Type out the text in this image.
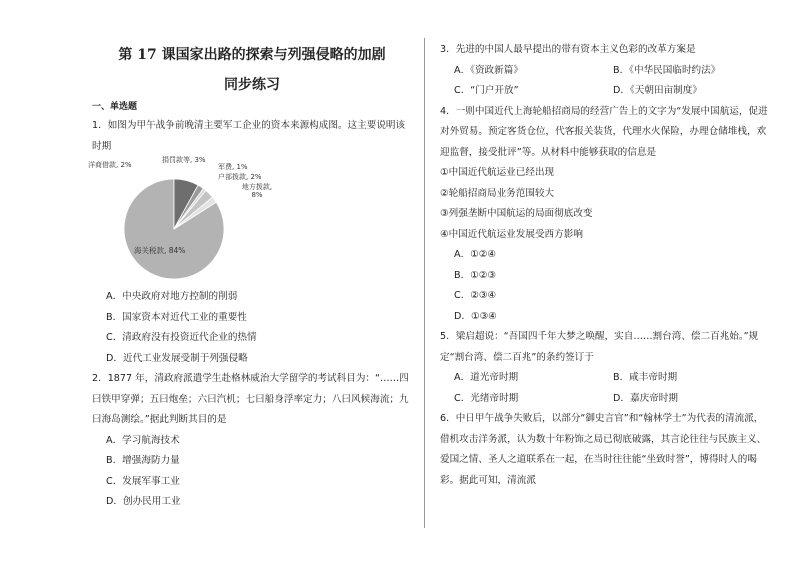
第 17 课国家出路的探索与列强侵略的加剧
同步练习
一、单选题
1．如图为甲午战争前晚清主要军工企业的资本来源构成图。这主要说明该时期
洋商借款, 2%
捐罚款等, 3%
军费, 1%
户部拨款, 2%
地方拨款, 8%
海关税款, 84%
A．中央政府对地方控制的削弱
B．国家资本对近代工业的重要性
C．清政府没有投资近代企业的热情
D．近代工业发展受制于列强侵略
2．1877 年，清政府派遣学生赴格林威治大学留学的考试科目为：“……四曰铁甲穿弹；五曰炮垒；六曰汽机；七曰船身浮率定力；八曰风候海流；九曰海岛测绘。”据此判断其目的是
A．学习航海技术
B．增强海防力量
C．发展军事工业
D．创办民用工业
3．先进的中国人最早提出的带有资本主义色彩的改革方案是
A．《资政新篇》	B．《中华民国临时约法》
C．“门户开放”	D．《天朝田亩制度》
4．一则中国近代上海轮船招商局的经营广告上的文字为“发展中国航运，促进对外贸易。预定客货仓位，代客报关装货，代理水火保险，办理仓储堆栈，欢迎监督，接受批评”等。从材料中能够获取的信息是
①中国近代航运业已经出现
②轮船招商局业务范围较大
③列强垄断中国航运的局面彻底改变
④中国近代航运业发展受西方影响
A．①②④
B．①②③
C．②③④
D．①③④
5．梁启超说：“吾国四千年大梦之唤醒，实自……割台湾、偿二百兆始。”规定“割台湾、偿二百兆”的条约签订于
A．道光帝时期	B．咸丰帝时期
C．光绪帝时期	D．嘉庆帝时期
6．中日甲午战争失败后，以部分“御史言官”和“翰林学士”为代表的清流派，借机攻击洋务派，认为数十年粉饰之局已彻底破露，其言论往往与民族主义、爱国之情、圣人之道联系在一起，在当时往往能“坐致时誉”，博得时人的喝彩。据此可知，清流派
